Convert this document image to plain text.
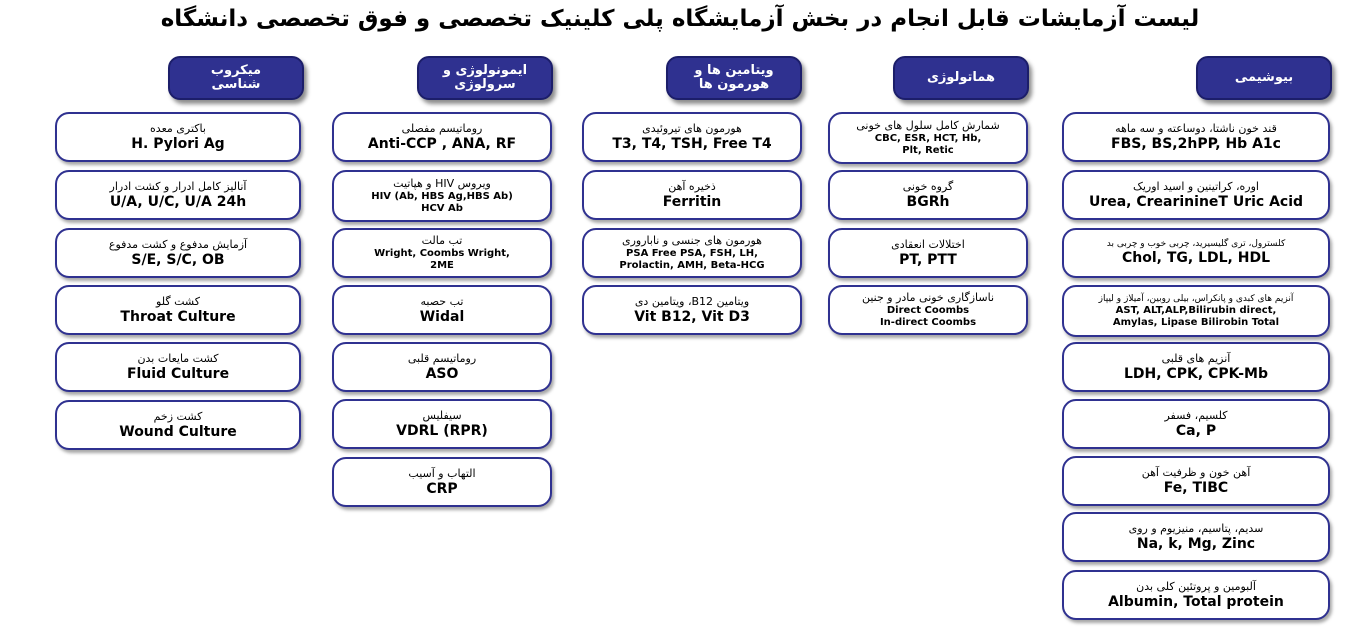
لیست آزمایشات قابل انجام در بخش آزمایشگاه پلی کلینیک تخصصی و فوق تخصصی دانشگاه
بیوشیمی
قند خون ناشتا، دوساعته و سه ماهه
FBS, BS,2hPP, Hb A1c
اوره، کراتینین و اسید اوریک
Urea, CrearinineT Uric Acid
کلسترول، تری گلیسیرید، چربی خوب و چربی بد
Chol, TG, LDL, HDL
آنزیم های کبدی و پانکراس، بیلی روبین، آمیلاز و لیپاز
AST, ALT,ALP,Bilirubin direct,
Amylas, Lipase Bilirobin Total
آنزیم های قلبی
LDH, CPK, CPK-Mb
کلسیم، فسفر
Ca, P
آهن خون و ظرفیت آهن
Fe, TIBC
سدیم، پتاسیم، منیزیوم و روی
Na, k, Mg, Zinc
آلبومین و پروتئین کلی بدن
Albumin, Total protein
هماتولوژی
شمارش کامل سلول های خونی
CBC, ESR, HCT, Hb,
Plt, Retic
گروه خونی
BGRh
اختلالات انعقادی
PT, PTT
ناسازگاری خونی مادر و جنین
Direct Coombs
In-direct Coombs
ویتامین ها و
هورمون ها
هورمون های تیروئیدی
T3, T4, TSH, Free T4
ذخیره آهن
Ferritin
هورمون های جنسی و ناباروری
PSA Free PSA, FSH, LH,
Prolactin, AMH, Beta-HCG
ویتامین B12، ویتامین دی
Vit B12, Vit D3
ایمونولوژی و
سرولوژی
روماتیسم مفصلی
Anti-CCP , ANA, RF
ویروس HIV و هپاتیت
HIV (Ab, HBS Ag,HBS Ab)
HCV Ab
تب مالت
Wright, Coombs Wright,
2ME
تب حصبه
Widal
روماتیسم قلبی
ASO
سیفلیس
VDRL (RPR)
التهاب و آسیب
CRP
میکروب
شناسی
باکتری معده
H. Pylori Ag
آنالیز کامل ادرار و کشت ادرار
U/A, U/C, U/A 24h
آزمایش مدفوع و کشت مدفوع
S/E, S/C, OB
کشت گلو
Throat Culture
کشت مایعات بدن
Fluid Culture
کشت زخم
Wound Culture
